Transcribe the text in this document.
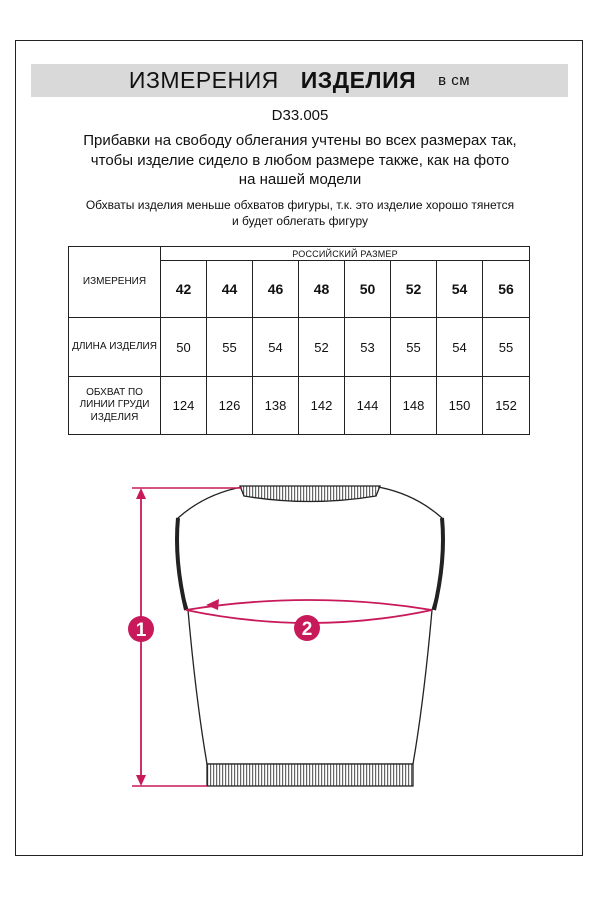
ИЗМЕРЕНИЯ ИЗДЕЛИЯ в см
D33.005
Прибавки на свободу облегания учтены во всех размерах так,
чтобы изделие сидело в любом размере также, как на фото
на нашей модели
Обхваты изделия меньше обхватов фигуры, т.к. это изделие хорошо тянется
и будет облегать фигуру
ИЗМЕРЕНИЯ	РОССИЙСКИЙ РАЗМЕР							
	42	44	46	48	50	52	54	56
ДЛИНА ИЗДЕЛИЯ	50	55	54	52	53	55	54	55

ОБХВАТ ПО
ЛИНИИ ГРУДИ
ИЗДЕЛИЯ	124	126	138	142	144	148	150	152
1	2
